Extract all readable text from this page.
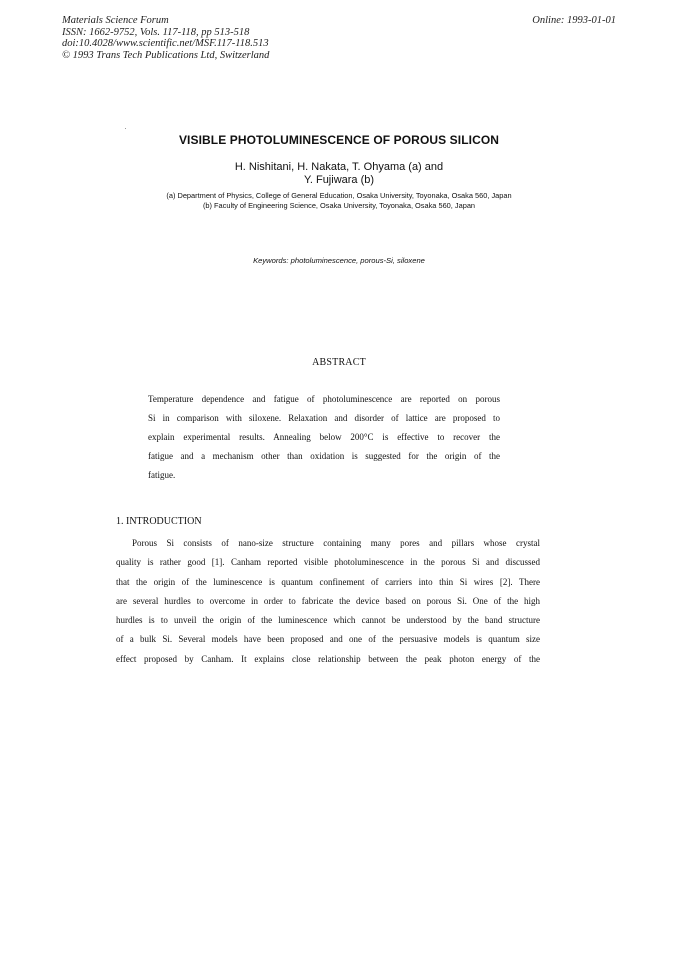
Materials Science Forum
ISSN: 1662-9752, Vols. 117-118, pp 513-518
doi:10.4028/www.scientific.net/MSF.117-118.513
© 1993 Trans Tech Publications Ltd, Switzerland
Online: 1993-01-01
VISIBLE PHOTOLUMINESCENCE OF POROUS SILICON
H. Nishitani, H. Nakata, T. Ohyama (a) and
Y. Fujiwara (b)
(a) Department of Physics, College of General Education, Osaka University, Toyonaka, Osaka 560, Japan
(b) Faculty of Engineering Science, Osaka University, Toyonaka, Osaka 560, Japan
Keywords: photoluminescence, porous-Si, siloxene
ABSTRACT
Temperature dependence and fatigue of photoluminescence are reported on porous
Si in comparison with siloxene. Relaxation and disorder of lattice are proposed to
explain experimental results. Annealing below 200°C is effective to recover the
fatigue and a mechanism other than oxidation is suggested for the origin of the
fatigue.
1. INTRODUCTION
Porous Si consists of nano-size structure containing many pores and pillars whose crystal
quality is rather good [1]. Canham reported visible photoluminescence in the porous Si and discussed
that the origin of the luminescence is quantum confinement of carriers into thin Si wires [2]. There
are several hurdles to overcome in order to fabricate the device based on porous Si. One of the high
hurdles is to unveil the origin of the luminescence which cannot be understood by the band structure
of a bulk Si. Several models have been proposed and one of the persuasive models is quantum size
effect proposed by Canham. It explains close relationship between the peak photon energy of the
